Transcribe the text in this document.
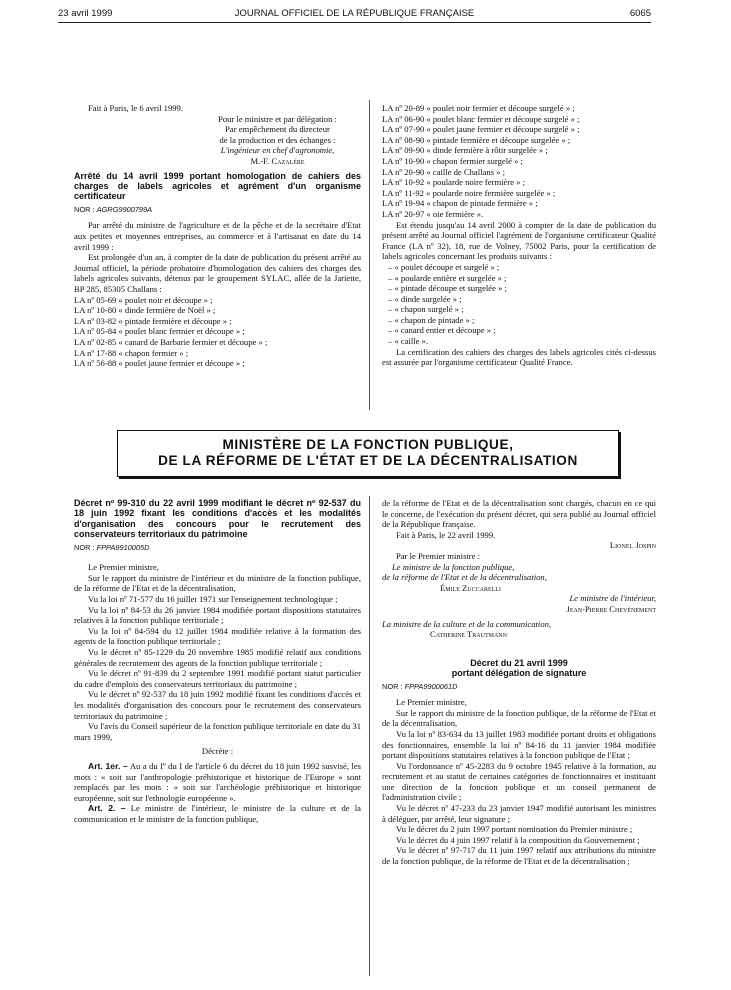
23 avril 1999	JOURNAL OFFICIEL DE LA RÉPUBLIQUE FRANÇAISE	6065

Fait à Paris, le 6 avril 1999.

Pour le ministre et par délégation :

Par empêchement du directeur

de la production et des échanges :

L'ingénieur en chef d'agronomie,

M.-F. Cazalère

Arrêté du 14 avril 1999 portant homologation de cahiers des charges de labels agricoles et agrément d'un organisme certificateur

NOR : AGRG9900799A

Par arrêté du ministre de l'agriculture et de la pêche et de la secrétaire d'Etat aux petites et moyennes entreprises, au commerce et à l'artisanat en date du 14 avril 1999 :

Est prolongée d'un an, à compter de la date de publication du présent arrêté au Journal officiel, la période probatoire d'homologation des cahiers des charges des labels agricoles suivants, détenus par le groupement SYLAC, allée de la Jariette, BP 285, 85305 Challans :

LA nº 05-69 « poulet noir et découpe » ;

LA nº 10-80 « dinde fermière de Noël » ;

LA nº 03-82 « pintade fermière et découpe » ;

LA nº 05-84 « poulet blanc fermier et découpe » ;

LA nº 02-85 « canard de Barbarie fermier et découpe » ;

LA nº 17-88 « chapon fermier » ;

LA nº 56-88 « poulet jaune fermier et découpe » ;

LA nº 20-89 « poulet noir fermier et découpe surgelé » ;

LA nº 06-90 « poulet blanc fermier et découpe surgelé » ;

LA nº 07-90 « poulet jaune fermier et découpe surgelé » ;

LA nº 08-90 « pintade fermière et découpe surgelée » ;

LA nº 09-90 « dinde fermière à rôtir surgelée » ;

LA nº 10-90 « chapon fermier surgelé » ;

LA nº 20-90 « caille de Challans » ;

LA nº 10-92 « poularde noire fermière » ;

LA nº 11-92 « poularde noire fermière surgelée » ;

LA nº 19-94 « chapon de pintade fermière » ;

LA nº 20-97 « oie fermière ».

Est étendu jusqu'au 14 avril 2000 à compter de la date de publication du présent arrêté au Journal officiel l'agrément de l'organisme certificateur Qualité France (LA nº 32), 18, rue de Volney, 75002 Paris, pour la certification de labels agricoles concernant les produits suivants :

– « poulet découpe et surgelé » ;

– « poularde entière et surgelée » ;

– « pintade découpe et surgelée » ;

– « dinde surgelée » ;

– « chapon surgelé » ;

– « chapon de pintade » ;

– « canard entier et découpe » ;

– « caille ».

La certification des cahiers des charges des labels agricoles cités ci-dessus est assurée par l'organisme certificateur Qualité France.

MINISTÈRE DE LA FONCTION PUBLIQUE,
DE LA RÉFORME DE L'ÉTAT ET DE LA DÉCENTRALISATION

Décret nº 99-310 du 22 avril 1999 modifiant le décret nº 92-537 du 18 juin 1992 fixant les conditions d'accès et les modalités d'organisation des concours pour le recrutement des conservateurs territoriaux du patrimoine

NOR : FPPA9910005D

Le Premier ministre,

Sur le rapport du ministre de l'intérieur et du ministre de la fonction publique, de la réforme de l'Etat et de la décentralisation,

Vu la loi nº 71-577 du 16 juillet 1971 sur l'enseignement technologique ;

Vu la loi nº 84-53 du 26 janvier 1984 modifiée portant dispositions statutaires relatives à la fonction publique territoriale ;

Vu la loi nº 84-594 du 12 juillet 1984 modifiée relative à la formation des agents de la fonction publique territoriale ;

Vu le décret nº 85-1229 du 20 novembre 1985 modifié relatif aux conditions générales de recrutement des agents de la fonction publique territoriale ;

Vu le décret nº 91-839 du 2 septembre 1991 modifié portant statut particulier du cadre d'emplois des conservateurs territoriaux du patrimoine ;

Vu le décret nº 92-537 du 18 juin 1992 modifié fixant les conditions d'accès et les modalités d'organisation des concours pour le recrutement des conservateurs territoriaux du patrimoine ;

Vu l'avis du Conseil supérieur de la fonction publique territoriale en date du 31 mars 1999,

Décrète :

Art. 1er. – Au a du Iº du I de l'article 6 du décret du 18 juin 1992 susvisé, les mots : « soit sur l'anthropologie préhistorique et historique de l'Europe » sont remplacés par les mots : « soit sur l'archéologie préhistorique et historique européenne, soit sur l'ethnologie européenne ».

Art. 2. – Le ministre de l'intérieur, le ministre de la culture et de la communication et le ministre de la fonction publique,

de la réforme de l'Etat et de la décentralisation sont chargés, chacun en ce qui le concerne, de l'exécution du présent décret, qui sera publié au Journal officiel de la République française.

Fait à Paris, le 22 avril 1999.

Lionel Jospin

Par le Premier ministre :

Le ministre de la fonction publique,

de la réforme de l'Etat et de la décentralisation,

Émile Zuccarelli

Le ministre de l'intérieur,

Jean-Pierre Chevènement

La ministre de la culture et de la communication,

Catherine Trautmann

Décret du 21 avril 1999

portant délégation de signature

NOR : FPPA9900061D

Le Premier ministre,

Sur le rapport du ministre de la fonction publique, de la réforme de l'Etat et de la décentralisation,

Vu la loi nº 83-634 du 13 juillet 1983 modifiée portant droits et obligations des fonctionnaires, ensemble la loi nº 84-16 du 11 janvier 1984 modifiée portant dispositions statutaires relatives à la fonction publique de l'Etat ;

Vu l'ordonnance nº 45-2283 du 9 octobre 1945 relative à la formation, au recrutement et au statut de certaines catégories de fonctionnaires et instituant une direction de la fonction publique et un conseil permanent de l'administration civile ;

Vu le décret nº 47-233 du 23 janvier 1947 modifié autorisant les ministres à déléguer, par arrêté, leur signature ;

Vu le décret du 2 juin 1997 portant nomination du Premier ministre ;

Vu le décret du 4 juin 1997 relatif à la composition du Gouvernement ;

Vu le décret nº 97-717 du 11 juin 1997 relatif aux attributions du ministre de la fonction publique, de la réforme de l'Etat et de la décentralisation ;
